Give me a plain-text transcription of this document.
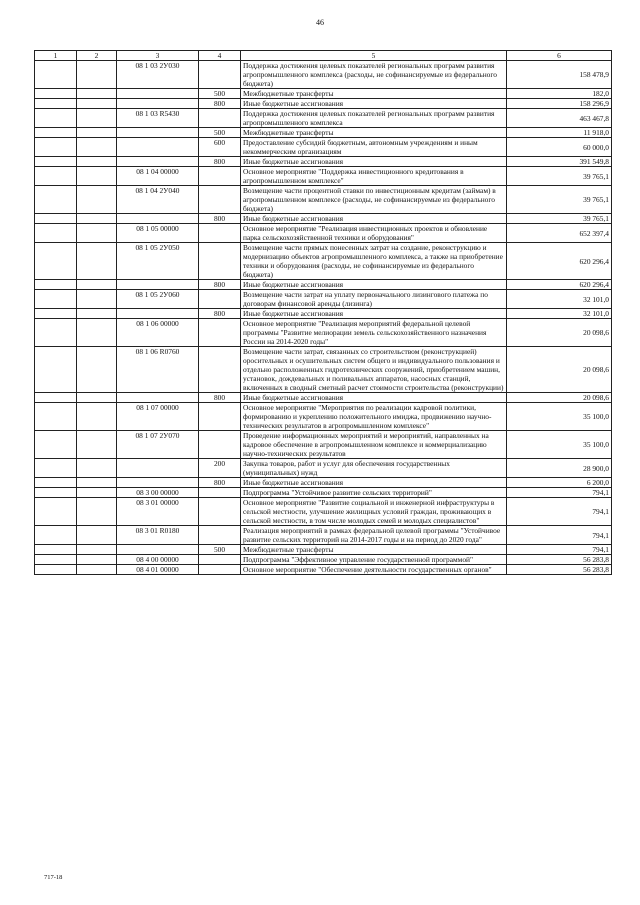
46
1	2	3	4	5	6
		08 1 03 2У030		Поддержка достижения целевых показателей региональных программ развития агропромышленного комплекса (расходы, не софинансируемые из федерального бюджета)	158 478,9
			500	Межбюджетные трансферты	182,0
			800	Иные бюджетные ассигнования	158 296,9
		08 1 03 R5430		Поддержка достижения целевых показателей региональных программ развития агропромышленного комплекса	463 467,8
			500	Межбюджетные трансферты	11 918,0
			600	Предоставление субсидий бюджетным, автономным учреждениям и иным некоммерческим организациям	60 000,0
			800	Иные бюджетные ассигнования	391 549,8
		08 1 04 00000		Основное мероприятие "Поддержка инвестиционного кредитования в агропромышленном комплексе"	39 765,1
		08 1 04 2У040		Возмещение части процентной ставки по инвестиционным кредитам (займам) в агропромышленном комплексе (расходы, не софинансируемые из федерального бюджета)	39 765,1
			800	Иные бюджетные ассигнования	39 765,1
		08 1 05 00000		Основное мероприятие "Реализация инвестиционных проектов и обновление парка сельскохозяйственной техники и оборудования"	652 397,4
		08 1 05 2У050		Возмещение части прямых понесенных затрат на создание, реконструкцию и модернизацию объектов агропромышленного комплекса, а также на приобретение техники и оборудования (расходы, не софинансируемые из федерального бюджета)	620 296,4
			800	Иные бюджетные ассигнования	620 296,4
		08 1 05 2У060		Возмещение части затрат на уплату первоначального лизингового платежа по договорам финансовой аренды (лизинга)	32 101,0
			800	Иные бюджетные ассигнования	32 101,0
		08 1 06 00000		Основное мероприятие "Реализация мероприятий федеральной целевой программы "Развитие мелиорации земель сельскохозяйственного назначения России на 2014-2020 годы"	20 098,6
		08 1 06 R0760		Возмещение части затрат, связанных со строительством (реконструкцией) оросительных и осушительных систем общего и индивидуального пользования и отдельно расположенных гидротехнических сооружений, приобретением машин, установок, дождевальных и поливальных аппаратов, насосных станций, включенных в сводный сметный расчет стоимости строительства (реконструкции)	20 098,6
			800	Иные бюджетные ассигнования	20 098,6
		08 1 07 00000		Основное мероприятие "Мероприятия по реализации кадровой политики, формированию и укреплению положительного имиджа, продвижению научно-технических результатов в агропромышленном комплексе"	35 100,0
		08 1 07 2У070		Проведение информационных мероприятий и мероприятий, направленных на кадровое обеспечение в агропромышленном комплексе и коммерциализацию научно-технических результатов	35 100,0
			200	Закупка товаров, работ и услуг для обеспечения государственных (муниципальных) нужд	28 900,0
			800	Иные бюджетные ассигнования	6 200,0
		08 3 00 00000		Подпрограмма "Устойчивое развитие сельских территорий"	794,1
		08 3 01 00000		Основное мероприятие "Развитие социальной и инженерной инфраструктуры в сельской местности, улучшение жилищных условий граждан, проживающих в сельской местности, в том числе молодых семей и молодых специалистов"	794,1
		08 3 01 R0180		Реализация мероприятий в рамках федеральной целевой программы "Устойчивое развитие сельских территорий на 2014-2017 годы и на период до 2020 года"	794,1
			500	Межбюджетные трансферты	794,1
		08 4 00 00000		Подпрограмма "Эффективное управление государственной программой"	56 283,8
		08 4 01 00000		Основное мероприятие "Обеспечение деятельности государственных органов"	56 283,8
717-18
